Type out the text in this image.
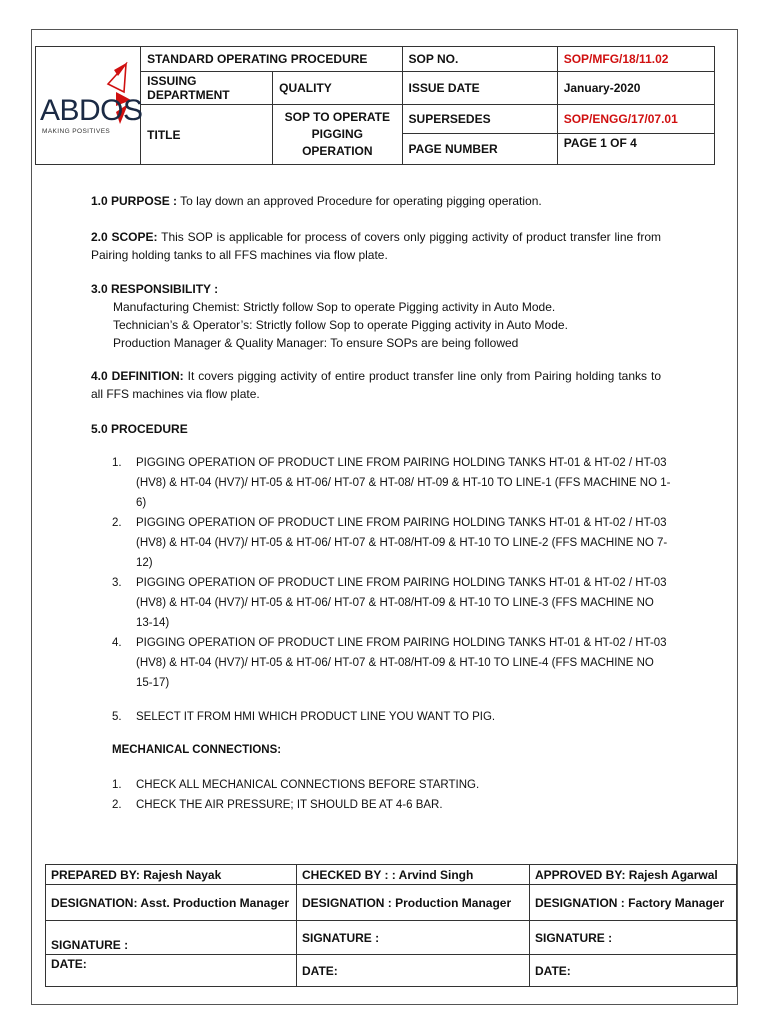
ABDOS
MAKING POSITIVES	STANDARD OPERATING PROCEDURE		SOP NO.	SOP/MFG/18/11.02
	ISSUING DEPARTMENT	QUALITY	ISSUE DATE	January-2020
	TITLE	SOP TO OPERATE PIGGING OPERATION	SUPERSEDES	SOP/ENGG/17/07.01
			PAGE NUMBER	PAGE 1 OF 4
1.0 PURPOSE : To lay down an approved Procedure for operating pigging operation.
2.0 SCOPE: This SOP is applicable for process of covers only pigging activity of product transfer line from Pairing holding tanks to all FFS machines via flow plate.
3.0 RESPONSIBILITY :
Manufacturing Chemist: Strictly follow Sop to operate Pigging activity in Auto Mode.
Technician’s & Operator’s: Strictly follow Sop to operate Pigging activity in Auto Mode.
Production Manager & Quality Manager: To ensure SOPs are being followed
4.0 DEFINITION: It covers pigging activity of entire product transfer line only from Pairing holding tanks to all FFS machines via flow plate.
5.0 PROCEDURE
1.	PIGGING OPERATION OF PRODUCT LINE FROM PAIRING HOLDING TANKS HT-01 & HT-02 / HT-03 (HV8) & HT-04 (HV7)/ HT-05 & HT-06/ HT-07 & HT-08/ HT-09 & HT-10 TO LINE-1 (FFS MACHINE NO 1-6)
2.	PIGGING OPERATION OF PRODUCT LINE FROM PAIRING HOLDING TANKS HT-01 & HT-02 / HT-03 (HV8) & HT-04 (HV7)/ HT-05 & HT-06/ HT-07 & HT-08/HT-09 & HT-10 TO LINE-2 (FFS MACHINE NO 7-12)
3.	PIGGING OPERATION OF PRODUCT LINE FROM PAIRING HOLDING TANKS HT-01 & HT-02 / HT-03 (HV8) & HT-04 (HV7)/ HT-05 & HT-06/ HT-07 & HT-08/HT-09 & HT-10 TO LINE-3 (FFS MACHINE NO 13-14)
4.	PIGGING OPERATION OF PRODUCT LINE FROM PAIRING HOLDING TANKS HT-01 & HT-02 / HT-03 (HV8) & HT-04 (HV7)/ HT-05 & HT-06/ HT-07 & HT-08/HT-09 & HT-10 TO LINE-4 (FFS MACHINE NO 15-17)
5.	SELECT IT FROM HMI WHICH PRODUCT LINE YOU WANT TO PIG.
MECHANICAL CONNECTIONS:
1.	CHECK ALL MECHANICAL CONNECTIONS BEFORE STARTING.
2.	CHECK THE AIR PRESSURE; IT SHOULD BE AT 4-6 BAR.
PREPARED BY: Rajesh Nayak	CHECKED BY : : Arvind Singh	APPROVED BY: Rajesh Agarwal
DESIGNATION: Asst. Production Manager	DESIGNATION : Production Manager	DESIGNATION : Factory Manager
SIGNATURE :	SIGNATURE :	SIGNATURE :
DATE:	DATE:	DATE:
